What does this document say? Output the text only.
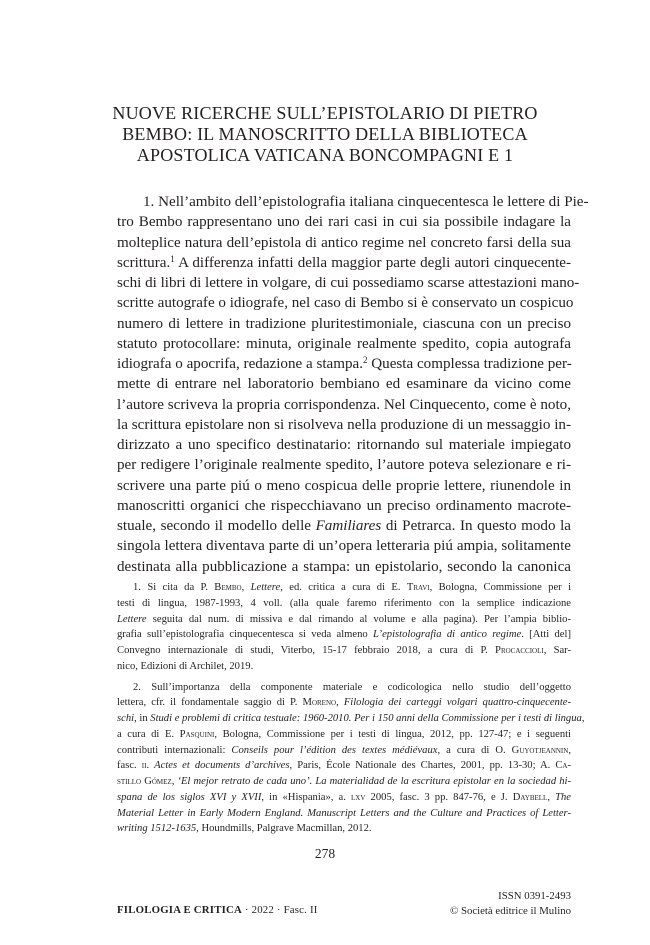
NUOVE RICERCHE SULL’EPISTOLARIO DI PIETRO
BEMBO: IL MANOSCRITTO DELLA BIBLIOTECA
APOSTOLICA VATICANA BONCOMPAGNI E 1
1. Nell’ambito dell’epistolografia italiana cinquecentesca le lettere di Pie-
tro Bembo rappresentano uno dei rari casi in cui sia possibile indagare la
molteplice natura dell’epistola di antico regime nel concreto farsi della sua
scrittura.$^1$ A differenza infatti della maggior parte degli autori cinquecente-
schi di libri di lettere in volgare, di cui possediamo scarse attestazioni mano-
scritte autografe o idiografe, nel caso di Bembo si è conservato un cospicuo
numero di lettere in tradizione pluritestimoniale, ciascuna con un preciso
statuto protocollare: minuta, originale realmente spedito, copia autografa
idiografa o apocrifa, redazione a stampa.$^2$ Questa complessa tradizione per-
mette di entrare nel laboratorio bembiano ed esaminare da vicino come
l’autore scriveva la propria corrispondenza. Nel Cinquecento, come è noto,
la scrittura epistolare non si risolveva nella produzione di un messaggio in-
dirizzato a uno specifico destinatario: ritornando sul materiale impiegato
per redigere l’originale realmente spedito, l’autore poteva selezionare e ri-
scrivere una parte piú o meno cospicua delle proprie lettere, riunendole in
manoscritti organici che rispecchiavano un preciso ordinamento macrote-
stuale, secondo il modello delle Familiares di Petrarca. In questo modo la
singola lettera diventava parte di un’opera letteraria piú ampia, solitamente
destinata alla pubblicazione a stampa: un epistolario, secondo la canonica
1. Si cita da P. Bembo, Lettere, ed. critica a cura di E. Travi, Bologna, Commissione per i
testi di lingua, 1987-1993, 4 voll. (alla quale faremo riferimento con la semplice indicazione
Lettere seguita dal num. di missiva e dal rimando al volume e alla pagina). Per l’ampia biblio-
grafia sull’epistolografia cinquecentesca si veda almeno L’epistolografia di antico regime. [Atti del]
Convegno internazionale di studi, Viterbo, 15-17 febbraio 2018, a cura di P. Procaccioli, Sar-
nico, Edizioni di Archilet, 2019.
2. Sull’importanza della componente materiale e codicologica nello studio dell’oggetto
lettera, cfr. il fondamentale saggio di P. Moreno, Filologia dei carteggi volgari quattro-cinquecente-
schi, in Studi e problemi di critica testuale: 1960-2010. Per i 150 anni della Commissione per i testi di lingua,
a cura di E. Pasquini, Bologna, Commissione per i testi di lingua, 2012, pp. 127-47; e i seguenti
contributi internazionali: Conseils pour l’édition des textes médiévaux, a cura di O. Guyotjeannin,
fasc. ii. Actes et documents d’archives, Paris, École Nationale des Chartes, 2001, pp. 13-30; A. Ca-
stillo Gómez, ‘El mejor retrato de cada uno’. La materialidad de la escritura epistolar en la sociedad hi-
spana de los siglos XVI y XVII, in «Hispania», a. lxv 2005, fasc. 3 pp. 847-76, e J. Daybell, The
Material Letter in Early Modern England. Manuscript Letters and the Culture and Practices of Letter-
writing 1512-1635, Houndmills, Palgrave Macmillan, 2012.
278
FILOLOGIA E CRITICA · 2022 · Fasc. II
ISSN 0391-2493
© Società editrice il Mulino
